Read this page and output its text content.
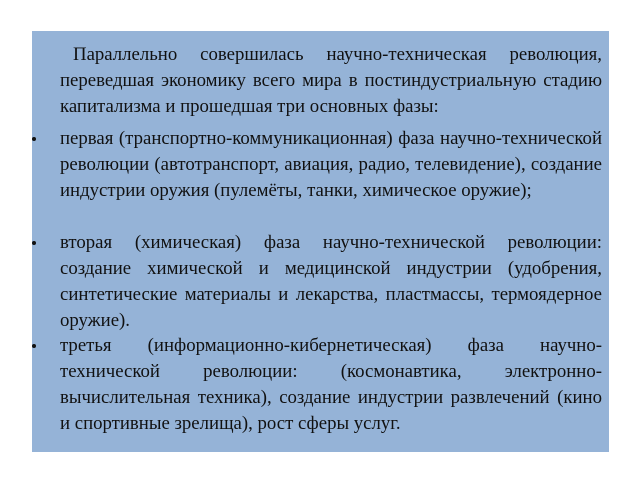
Параллельно совершилась научно-техническая революция, переведшая экономику всего мира в постиндустриальную стадию капитализма и прошедшая три основных фазы:

первая (транспортно-коммуникационная) фаза научно-технической революции (автотранспорт, авиация, радио, телевидение), создание индустрии оружия (пулемёты, танки, химическое оружие);
вторая (химическая) фаза научно-технической революции: создание химической и медицинской индустрии (удобрения, синтетические материалы и лекарства, пластмассы, термоядерное оружие).
третья (информационно-кибернетическая) фаза научно-технической революции: (космонавтика, электронно-вычислительная техника), создание индустрии развлечений (кино и спортивные зрелища), рост сферы услуг.
